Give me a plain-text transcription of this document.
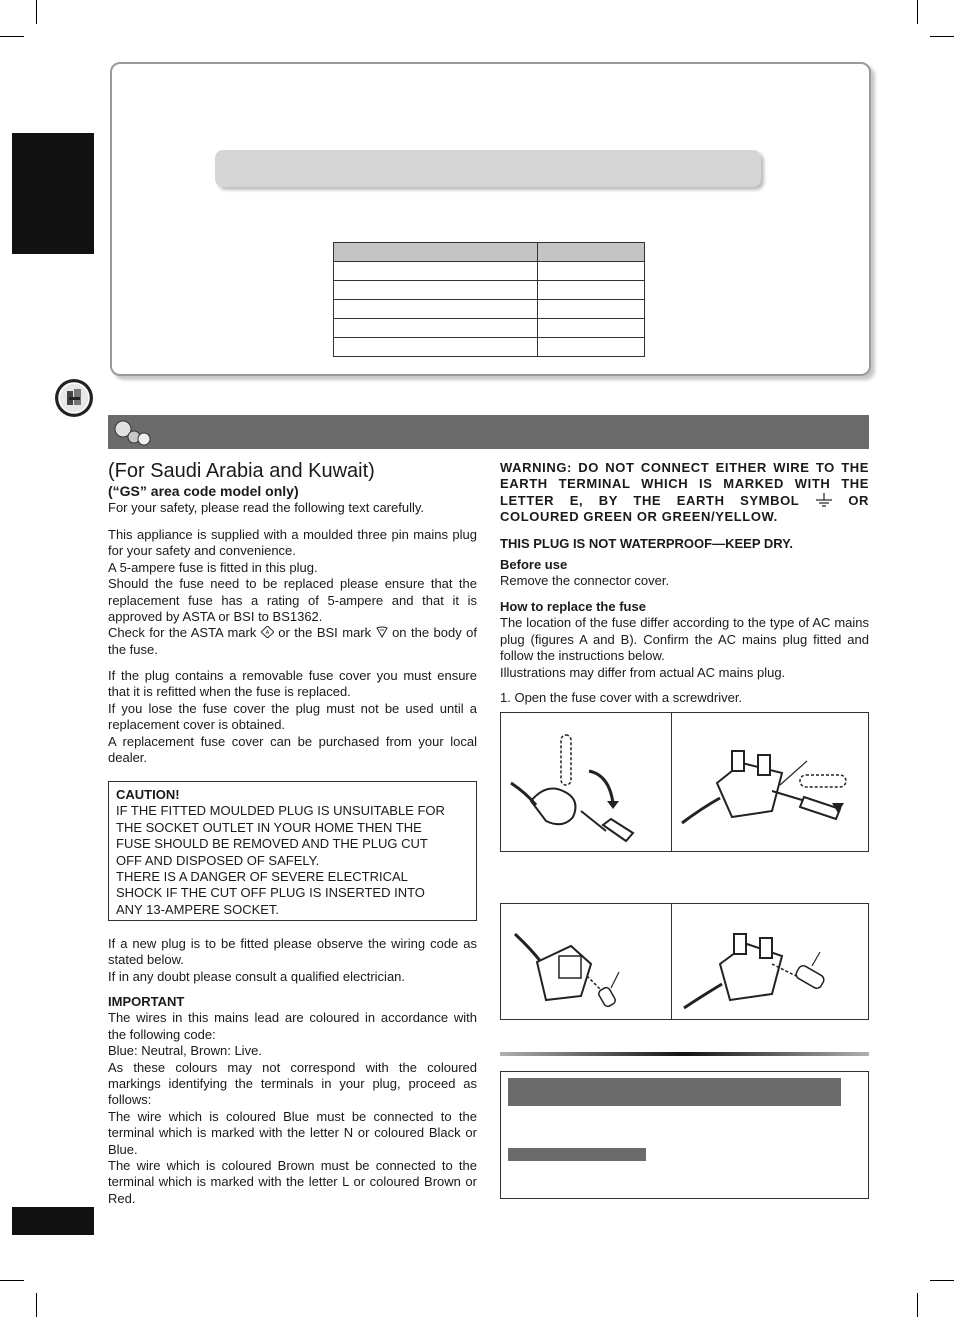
(For Saudi Arabia and Kuwait)
(“GS” area code model only)

For your safety, please read the following text carefully.

This appliance is supplied with a moulded three pin mains plug for your safety and convenience.

A 5-ampere fuse is fitted in this plug.

Should the fuse need to be replaced please ensure that the replacement fuse has a rating of 5-ampere and that it is approved by ASTA or BSI to BS1362.

Check for the ASTA mark A or the BSI mark on the body of the fuse.

If the plug contains a removable fuse cover you must ensure that it is refitted when the fuse is replaced.

If you lose the fuse cover the plug must not be used until a replacement cover is obtained.

A replacement fuse cover can be purchased from your local dealer.

CAUTION!
IF THE FITTED MOULDED PLUG IS UNSUITABLE FOR
THE SOCKET OUTLET IN YOUR HOME THEN THE
FUSE SHOULD BE REMOVED AND THE PLUG CUT
OFF AND DISPOSED OF SAFELY.
THERE IS A DANGER OF SEVERE ELECTRICAL
SHOCK IF THE CUT OFF PLUG IS INSERTED INTO
ANY 13-AMPERE SOCKET.

If a new plug is to be fitted please observe the wiring code as stated below.

If in any doubt please consult a qualified electrician.

IMPORTANT

The wires in this mains lead are coloured in accordance with the following code:

Blue: Neutral, Brown: Live.

As these colours may not correspond with the coloured markings identifying the terminals in your plug, proceed as follows:

The wire which is coloured Blue must be connected to the terminal which is marked with the letter N or coloured Black or Blue.

The wire which is coloured Brown must be connected to the terminal which is marked with the letter L or coloured Brown or Red.

WARNING: DO NOT CONNECT EITHER WIRE TO THE EARTH TERMINAL WHICH IS MARKED WITH THE LETTER E, BY THE EARTH SYMBOL	OR COLOURED GREEN OR GREEN/YELLOW.

THIS PLUG IS NOT WATERPROOF—KEEP DRY.
Before use

Remove the connector cover.

How to replace the fuse

The location of the fuse differ according to the type of AC mains plug (figures A and B). Confirm the AC mains plug fitted and follow the instructions below.

Illustrations may differ from actual AC mains plug.

1. Open the fuse cover with a screwdriver.
